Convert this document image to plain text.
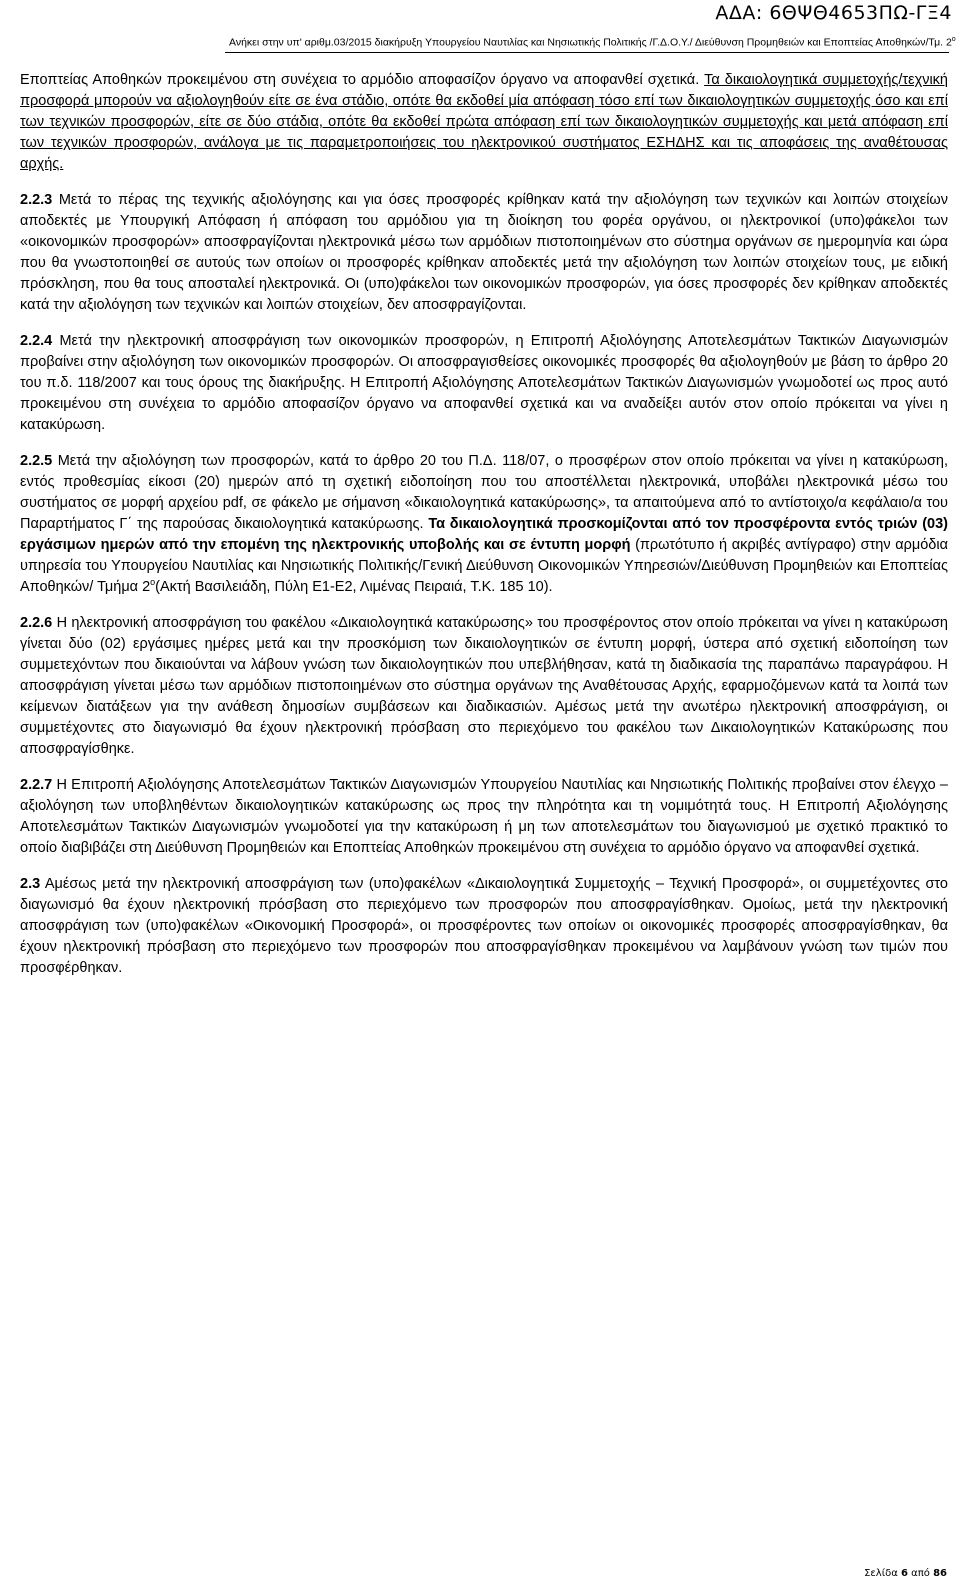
ΑΔΑ: 6ΘΨΘ4653ΠΩ-ΓΞ4
Ανήκει στην υπ' αριθμ.03/2015 διακήρυξη Υπουργείου Ναυτιλίας και Νησιωτικής Πολιτικής /Γ.Δ.Ο.Υ./ Διεύθυνση Προμηθειών και Εποπτείας Αποθηκών/Τμ. $2^o$

Εποπτείας Αποθηκών προκειμένου στη συνέχεια το αρμόδιο αποφασίζον όργανο να αποφανθεί σχετικά. Τα δικαιολογητικά συμμετοχής/τεχνική προσφορά μπορούν να αξιολογηθούν είτε σε ένα στάδιο, οπότε θα εκδοθεί μία απόφαση τόσο επί των δικαιολογητικών συμμετοχής όσο και επί των τεχνικών προσφορών, είτε σε δύο στάδια, οπότε θα εκδοθεί πρώτα απόφαση επί των δικαιολογητικών συμμετοχής και μετά απόφαση επί των τεχνικών προσφορών, ανάλογα με τις παραμετροποιήσεις του ηλεκτρονικού συστήματος ΕΣΗΔΗΣ και τις αποφάσεις της αναθέτουσας αρχής.

2.2.3 Μετά το πέρας της τεχνικής αξιολόγησης και για όσες προσφορές κρίθηκαν κατά την αξιολόγηση των τεχνικών και λοιπών στοιχείων αποδεκτές με Υπουργική Απόφαση ή απόφαση του αρμόδιου για τη διοίκηση του φορέα οργάνου, οι ηλεκτρονικοί (υπο)φάκελοι των «οικονομικών προσφορών» αποσφραγίζονται ηλεκτρονικά μέσω των αρμόδιων πιστοποιημένων στο σύστημα οργάνων σε ημερομηνία και ώρα που θα γνωστοποιηθεί σε αυτούς των οποίων οι προσφορές κρίθηκαν αποδεκτές μετά την αξιολόγηση των λοιπών στοιχείων τους, με ειδική πρόσκληση, που θα τους αποσταλεί ηλεκτρονικά. Οι (υπο)φάκελοι των οικονομικών προσφορών, για όσες προσφορές δεν κρίθηκαν αποδεκτές κατά την αξιολόγηση των τεχνικών και λοιπών στοιχείων, δεν αποσφραγίζονται.

2.2.4 Μετά την ηλεκτρονική αποσφράγιση των οικονομικών προσφορών, η Επιτροπή Αξιολόγησης Αποτελεσμάτων Τακτικών Διαγωνισμών προβαίνει στην αξιολόγηση των οικονομικών προσφορών. Οι αποσφραγισθείσες οικονομικές προσφορές θα αξιολογηθούν με βάση το άρθρο 20 του π.δ. 118/2007 και τους όρους της διακήρυξης. Η Επιτροπή Αξιολόγησης Αποτελεσμάτων Τακτικών Διαγωνισμών γνωμοδοτεί ως προς αυτό προκειμένου στη συνέχεια το αρμόδιο αποφασίζον όργανο να αποφανθεί σχετικά και να αναδείξει αυτόν στον οποίο πρόκειται να γίνει η κατακύρωση.

2.2.5 Μετά την αξιολόγηση των προσφορών, κατά το άρθρο 20 του Π.Δ. 118/07, ο προσφέρων στον οποίο πρόκειται να γίνει η κατακύρωση, εντός προθεσμίας είκοσι (20) ημερών από τη σχετική ειδοποίηση που του αποστέλλεται ηλεκτρονικά, υποβάλει ηλεκτρονικά μέσω του συστήματος σε μορφή αρχείου pdf, σε φάκελο με σήμανση «δικαιολογητικά κατακύρωσης», τα απαιτούμενα από το αντίστοιχο/α κεφάλαιο/α του Παραρτήματος Γ΄ της παρούσας δικαιολογητικά κατακύρωσης. Τα δικαιολογητικά προσκομίζονται από τον προσφέροντα εντός τριών (03) εργάσιμων ημερών από την επομένη της ηλεκτρονικής υποβολής και σε έντυπη μορφή (πρωτότυπο ή ακριβές αντίγραφο) στην αρμόδια υπηρεσία του Υπουργείου Ναυτιλίας και Νησιωτικής Πολιτικής/Γενική Διεύθυνση Οικονομικών Υπηρεσιών/Διεύθυνση Προμηθειών και Εποπτείας Αποθηκών/ Τμήμα $2^o(A\kappa\tau ή$ Βασιλειάδη, Πύλη Ε1-Ε2, Λιμένας Πειραιά, Τ.Κ. 185 10).

2.2.6 Η ηλεκτρονική αποσφράγιση του φακέλου «Δικαιολογητικά κατακύρωσης» του προσφέροντος στον οποίο πρόκειται να γίνει η κατακύρωση γίνεται δύο (02) εργάσιμες ημέρες μετά και την προσκόμιση των δικαιολογητικών σε έντυπη μορφή, ύστερα από σχετική ειδοποίηση των συμμετεχόντων που δικαιούνται να λάβουν γνώση των δικαιολογητικών που υπεβλήθησαν, κατά τη διαδικασία της παραπάνω παραγράφου. Η αποσφράγιση γίνεται μέσω των αρμόδιων πιστοποιημένων στο σύστημα οργάνων της Αναθέτουσας Αρχής, εφαρμοζόμενων κατά τα λοιπά των κείμενων διατάξεων για την ανάθεση δημοσίων συμβάσεων και διαδικασιών. Αμέσως μετά την ανωτέρω ηλεκτρονική αποσφράγιση, οι συμμετέχοντες στο διαγωνισμό θα έχουν ηλεκτρονική πρόσβαση στο περιεχόμενο του φακέλου των Δικαιολογητικών Κατακύρωσης που αποσφραγίσθηκε.

2.2.7 Η Επιτροπή Αξιολόγησης Αποτελεσμάτων Τακτικών Διαγωνισμών Υπουργείου Ναυτιλίας και Νησιωτικής Πολιτικής προβαίνει στον έλεγχο – αξιολόγηση των υποβληθέντων δικαιολογητικών κατακύρωσης ως προς την πληρότητα και τη νομιμότητά τους. Η Επιτροπή Αξιολόγησης Αποτελεσμάτων Τακτικών Διαγωνισμών γνωμοδοτεί για την κατακύρωση ή μη των αποτελεσμάτων του διαγωνισμού με σχετικό πρακτικό το οποίο διαβιβάζει στη Διεύθυνση Προμηθειών και Εποπτείας Αποθηκών προκειμένου στη συνέχεια το αρμόδιο όργανο να αποφανθεί σχετικά.

2.3 Αμέσως μετά την ηλεκτρονική αποσφράγιση των (υπο)φακέλων «Δικαιολογητικά Συμμετοχής – Τεχνική Προσφορά», οι συμμετέχοντες στο διαγωνισμό θα έχουν ηλεκτρονική πρόσβαση στο περιεχόμενο των προσφορών που αποσφραγίσθηκαν. Ομοίως, μετά την ηλεκτρονική αποσφράγιση των (υπο)φακέλων «Οικονομική Προσφορά», οι προσφέροντες των οποίων οι οικονομικές προσφορές αποσφραγίσθηκαν, θα έχουν ηλεκτρονική πρόσβαση στο περιεχόμενο των προσφορών που αποσφραγίσθηκαν προκειμένου να λαμβάνουν γνώση των τιμών που προσφέρθηκαν.

Σελίδα 6 από 86
